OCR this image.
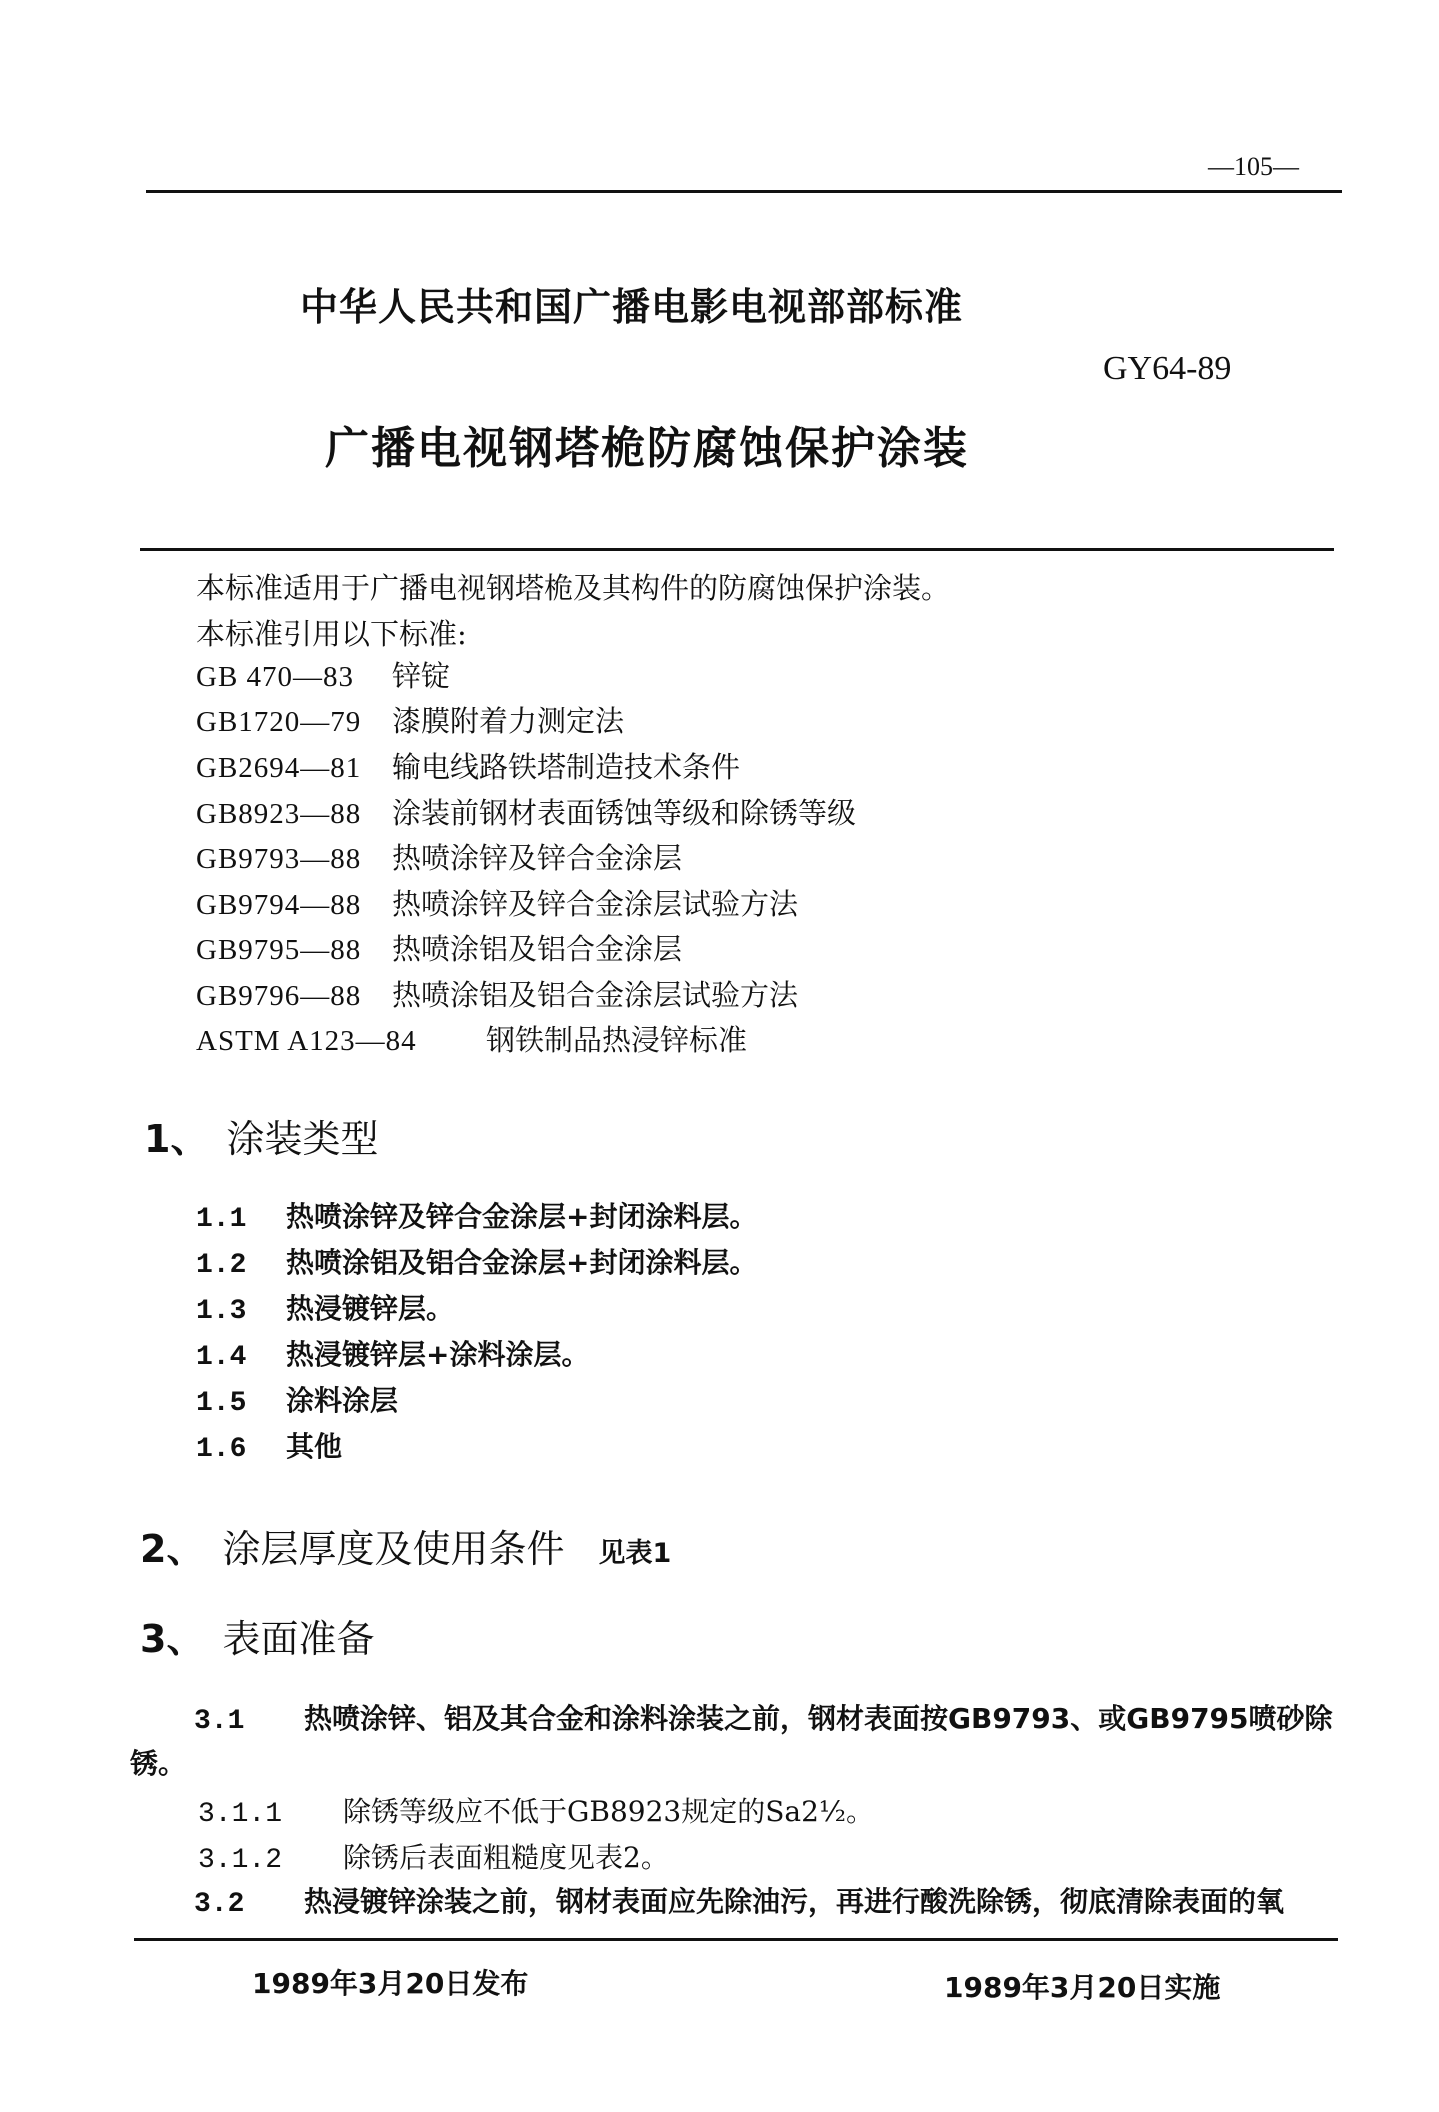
—105—
中华人民共和国广播电影电视部部标准
GY64-89
广播电视钢塔桅防腐蚀保护涂装
本标准适用于广播电视钢塔桅及其构件的防腐蚀保护涂装。
本标准引用以下标准:
GB 470—83 锌锭
GB1720—79 漆膜附着力测定法
GB2694—81 输电线路铁塔制造技术条件
GB8923—88 涂装前钢材表面锈蚀等级和除锈等级
GB9793—88 热喷涂锌及锌合金涂层
GB9794—88 热喷涂锌及锌合金涂层试验方法
GB9795—88 热喷涂铝及铝合金涂层
GB9796—88 热喷涂铝及铝合金涂层试验方法
ASTM A123—84 钢铁制品热浸锌标准
1、 涂装类型
1.1 热喷涂锌及锌合金涂层+封闭涂料层。
1.2 热喷涂铝及铝合金涂层+封闭涂料层。
1.3 热浸镀锌层。
1.4 热浸镀锌层+涂料涂层。
1.5 涂料涂层
1.6 其他
2、 涂层厚度及使用条件 见表1
3、 表面准备
3.1 热喷涂锌、铝及其合金和涂料涂装之前，钢材表面按GB9793、或GB9795喷砂除
锈。
3.1.1 除锈等级应不低于GB8923规定的Sa2½。
3.1.2 除锈后表面粗糙度见表2。
3.2 热浸镀锌涂装之前，钢材表面应先除油污，再进行酸洗除锈，彻底清除表面的氧
1989年3月20日发布	1989年3月20日实施
